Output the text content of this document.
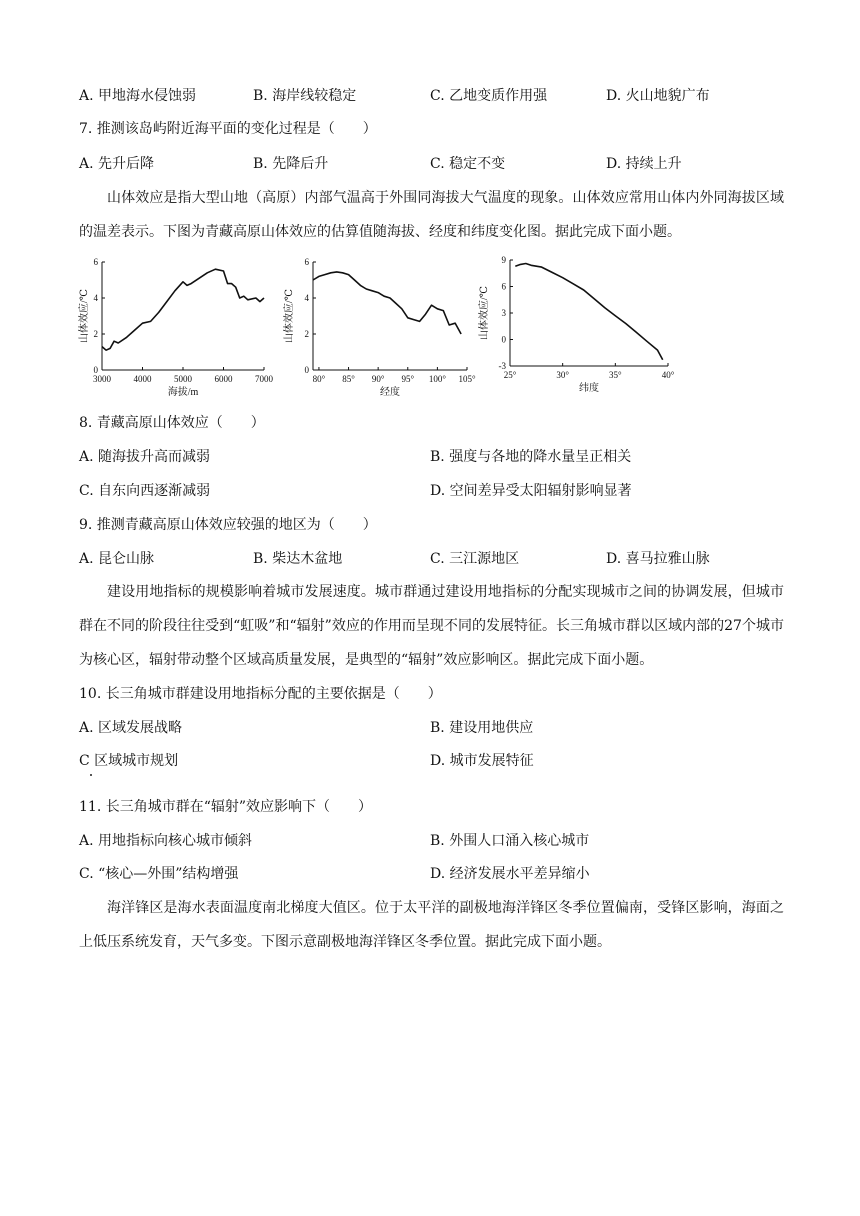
A. 甲地海水侵蚀弱	B. 海岸线较稳定	C. 乙地变质作用强	D. 火山地貌广布
7. 推测该岛屿附近海平面的变化过程是（　　）
A. 先升后降	B. 先降后升	C. 稳定不变	D. 持续上升
山体效应是指大型山地（高原）内部气温高于外围同海拔大气温度的现象。山体效应常用山体内外同海拔区域的温差表示。下图为青藏高原山体效应的估算值随海拔、经度和纬度变化图。据此完成下面小题。
0
2
4
6
3000	4000	5000	6000	7000
海拔/m
山体效应/℃
0
2
4
6
80° 85° 90° 95° 100° 105°
经度
山体效应/℃
-3
0
3
6
9
25°	30°	35°	40°
纬度
山体效应/℃
8. 青藏高原山体效应（　　）
A. 随海拔升高而减弱	B. 强度与各地的降水量呈正相关
C. 自东向西逐渐减弱	D. 空间差异受太阳辐射影响显著
9. 推测青藏高原山体效应较强的地区为（　　）
A. 昆仑山脉	B. 柴达木盆地	C. 三江源地区	D. 喜马拉雅山脉
建设用地指标的规模影响着城市发展速度。城市群通过建设用地指标的分配实现城市之间的协调发展，但城市群在不同的阶段往往受到“虹吸”和“辐射”效应的作用而呈现不同的发展特征。长三角城市群以区域内部的27个城市为核心区，辐射带动整个区域高质量发展，是典型的“辐射”效应影响区。据此完成下面小题。
10. 长三角城市群建设用地指标分配的主要依据是（　　）
A. 区域发展战略	B. 建设用地供应
C 区域城市规划	D. 城市发展特征
11. 长三角城市群在“辐射”效应影响下（　　）
A. 用地指标向核心城市倾斜	B. 外围人口涌入核心城市
C. “核心—外围”结构增强	D. 经济发展水平差异缩小
海洋锋区是海水表面温度南北梯度大值区。位于太平洋的副极地海洋锋区冬季位置偏南，受锋区影响，海面之上低压系统发育，天气多变。下图示意副极地海洋锋区冬季位置。据此完成下面小题。
